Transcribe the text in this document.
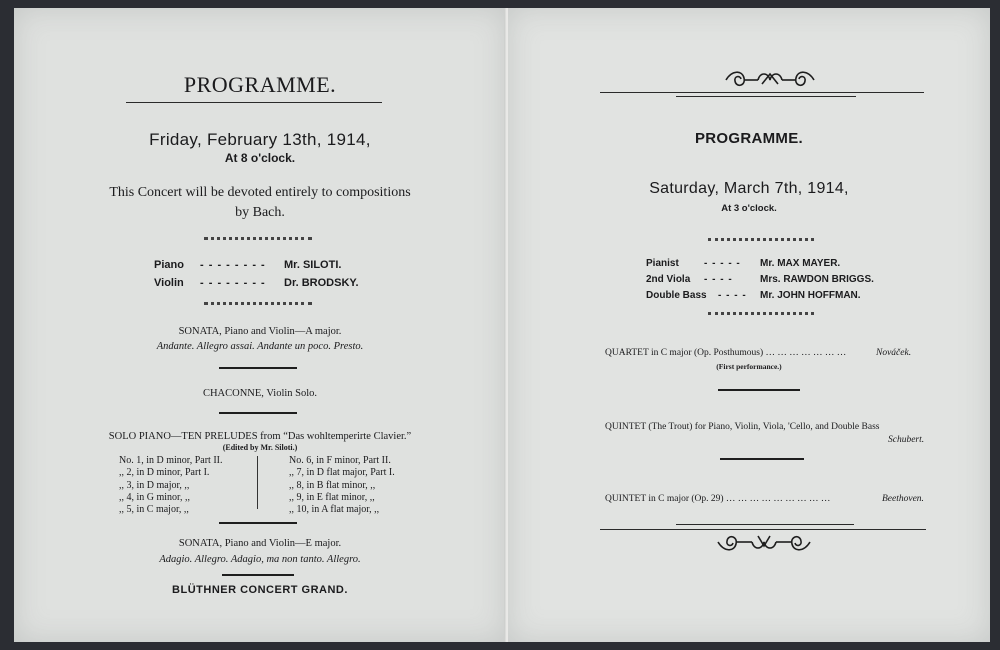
PROGRAMME.
Friday, February 13th, 1914,
At 8 o'clock.
This Concert will be devoted entirely to compositions
by Bach.
Piano - - - - - - - - Mr. SILOTI.
Violin - - - - - - - - Dr. BRODSKY.
SONATA, Piano and Violin—A major.
Andante. Allegro assai. Andante un poco. Presto.
CHACONNE, Violin Solo.
SOLO PIANO—TEN PRELUDES from “Das wohltemperirte Clavier.”
(Edited by Mr. Siloti.)
No. 1, in D minor, Part II.
,, 2, in D minor, Part I.
,, 3, in D major, ,,
,, 4, in G minor, ,,
,, 5, in C major, ,,
No. 6, in F minor, Part II.
,, 7, in D flat major, Part I.
,, 8, in B flat minor, ,,
,, 9, in E flat minor, ,,
,, 10, in A flat major, ,,
SONATA, Piano and Violin—E major.
Adagio. Allegro. Adagio, ma non tanto. Allegro.
BLÜTHNER CONCERT GRAND.
PROGRAMME.
Saturday, March 7th, 1914,
At 3 o'clock.
Pianist	- - - - - Mr. MAX MAYER.
2nd Viola - - - -	Mrs. RAWDON BRIGGS.
Double Bass - - - - Mr. JOHN HOFFMAN.
QUARTET in C major (Op. Posthumous) … … … … … … …	Nováček.
(First performance.)
QUINTET (The Trout) for Piano, Violin, Viola, 'Cello, and Double Bass
Schubert.
QUINTET in C major (Op. 29) … … … … … … … … …	Beethoven.
